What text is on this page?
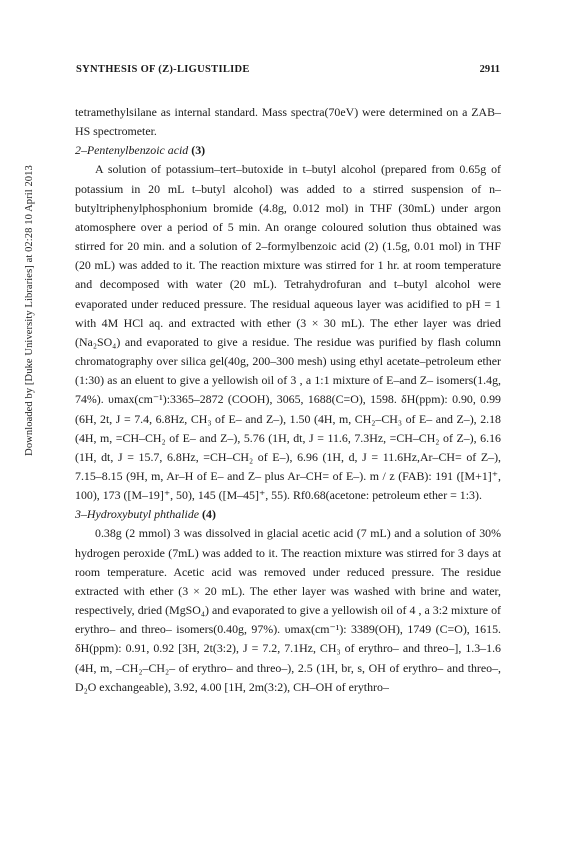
Downloaded by [Duke University Libraries] at 02:28 10 April 2013
SYNTHESIS OF (Z)-LIGUSTILIDE	2911

tetramethylsilane as internal standard. Mass spectra(70eV) were determined on a ZAB–HS spectrometer.

2–Pentenylbenzoic acid (3)

A solution of potassium–tert–butoxide in t–butyl alcohol (prepared from 0.65g of potassium in 20 mL t–butyl alcohol) was added to a stirred suspension of n–butyltriphenylphosphonium bromide (4.8g, 0.012 mol) in THF (30mL) under argon atomosphere over a period of 5 min. An orange coloured solution thus obtained was stirred for 20 min. and a solution of 2–formylbenzoic acid (2) (1.5g, 0.01 mol) in THF (20 mL) was added to it. The reaction mixture was stirred for 1 hr. at room temperature and decomposed with water (20 mL). Tetrahydrofuran and t–butyl alcohol were evaporated under reduced pressure. The residual aqueous layer was acidified to pH = 1 with 4M HCl aq. and extracted with ether (3 × 30 mL). The ether layer was dried (Na₂SO₄) and evaporated to give a residue. The residue was purified by flash column chromatography over silica gel(40g, 200–300 mesh) using ethyl acetate–petroleum ether (1:30) as an eluent to give a yellowish oil of 3 , a 1:1 mixture of E–and Z– isomers(1.4g, 74%). υmax(cm⁻¹):3365–2872 (COOH), 3065, 1688(C=O), 1598. δH(ppm): 0.90, 0.99 (6H, 2t, J = 7.4, 6.8Hz, CH₃ of E– and Z–), 1.50 (4H, m, CH₂–CH₃ of E– and Z–), 2.18 (4H, m, =CH–CH₂ of E– and Z–), 5.76 (1H, dt, J = 11.6, 7.3Hz, =CH–CH₂ of Z–), 6.16 (1H, dt, J = 15.7, 6.8Hz, =CH–CH₂ of E–), 6.96 (1H, d, J = 11.6Hz,Ar–CH= of Z–), 7.15–8.15 (9H, m, Ar–H of E– and Z– plus Ar–CH= of E–). m / z (FAB): 191 ([M+1]⁺, 100), 173 ([M–19]⁺, 50), 145 ([M–45]⁺, 55). Rf0.68(acetone: petroleum ether = 1:3).

3–Hydroxybutyl phthalide (4)

0.38g (2 mmol) 3 was dissolved in glacial acetic acid (7 mL) and a solution of 30% hydrogen peroxide (7mL) was added to it. The reaction mixture was stirred for 3 days at room temperature. Acetic acid was removed under reduced pressure. The residue extracted with ether (3 × 20 mL). The ether layer was washed with brine and water, respectively, dried (MgSO₄) and evaporated to give a yellowish oil of 4 , a 3:2 mixture of erythro– and threo– isomers(0.40g, 97%). υmax(cm⁻¹): 3389(OH), 1749 (C=O), 1615. δH(ppm): 0.91, 0.92 [3H, 2t(3:2), J = 7.2, 7.1Hz, CH₃ of erythro– and threo–], 1.3–1.6 (4H, m, –CH₂–CH₂– of erythro– and threo–), 2.5 (1H, br, s, OH of erythro– and threo–, D₂O exchangeable), 3.92, 4.00 [1H, 2m(3:2), CH–OH of erythro–
